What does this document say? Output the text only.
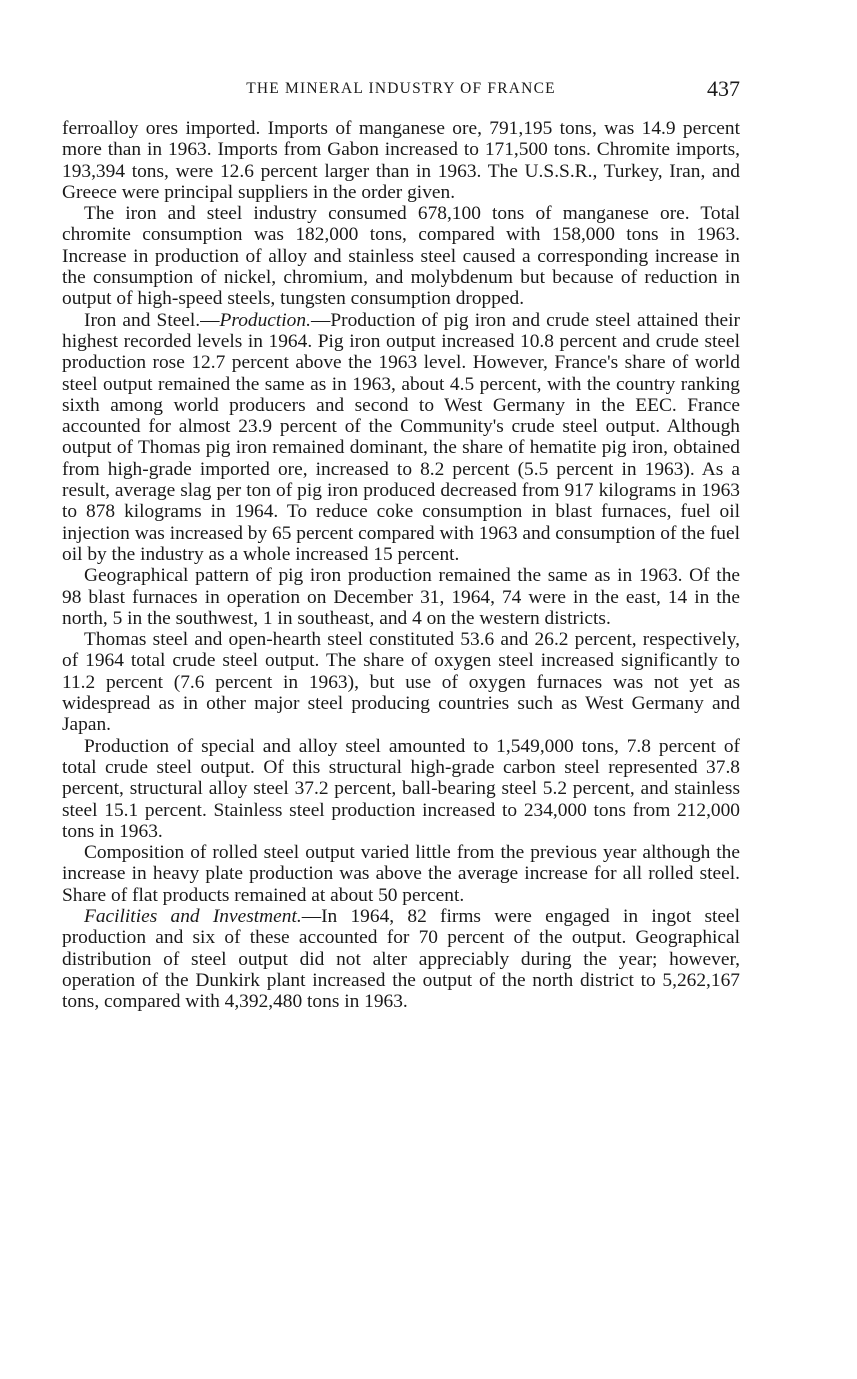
THE MINERAL INDUSTRY OF FRANCE	437

ferroalloy ores imported. Imports of manganese ore, 791,195 tons, was 14.9 percent more than in 1963. Imports from Gabon increased to 171,500 tons. Chromite imports, 193,394 tons, were 12.6 percent larger than in 1963. The U.S.S.R., Turkey, Iran, and Greece were principal suppliers in the order given.

The iron and steel industry consumed 678,100 tons of manganese ore. Total chromite consumption was 182,000 tons, compared with 158,000 tons in 1963. Increase in production of alloy and stainless steel caused a corresponding increase in the consumption of nickel, chromium, and molybdenum but because of reduction in output of high-speed steels, tungsten consumption dropped.

Iron and Steel.—Production.—Production of pig iron and crude steel attained their highest recorded levels in 1964. Pig iron output increased 10.8 percent and crude steel production rose 12.7 percent above the 1963 level. However, France's share of world steel output remained the same as in 1963, about 4.5 percent, with the country ranking sixth among world producers and second to West Germany in the EEC. France accounted for almost 23.9 percent of the Community's crude steel output. Although output of Thomas pig iron remained dominant, the share of hematite pig iron, obtained from high-grade imported ore, increased to 8.2 percent (5.5 percent in 1963). As a result, average slag per ton of pig iron produced decreased from 917 kilograms in 1963 to 878 kilograms in 1964. To reduce coke consumption in blast furnaces, fuel oil injection was increased by 65 percent compared with 1963 and consumption of the fuel oil by the industry as a whole increased 15 percent.

Geographical pattern of pig iron production remained the same as in 1963. Of the 98 blast furnaces in operation on December 31, 1964, 74 were in the east, 14 in the north, 5 in the southwest, 1 in southeast, and 4 on the western districts.

Thomas steel and open-hearth steel constituted 53.6 and 26.2 percent, respectively, of 1964 total crude steel output. The share of oxygen steel increased significantly to 11.2 percent (7.6 percent in 1963), but use of oxygen furnaces was not yet as widespread as in other major steel producing countries such as West Germany and Japan.

Production of special and alloy steel amounted to 1,549,000 tons, 7.8 percent of total crude steel output. Of this structural high-grade carbon steel represented 37.8 percent, structural alloy steel 37.2 percent, ball-bearing steel 5.2 percent, and stainless steel 15.1 percent. Stainless steel production increased to 234,000 tons from 212,000 tons in 1963.

Composition of rolled steel output varied little from the previous year although the increase in heavy plate production was above the average increase for all rolled steel. Share of flat products remained at about 50 percent.

Facilities and Investment.—In 1964, 82 firms were engaged in ingot steel production and six of these accounted for 70 percent of the output. Geographical distribution of steel output did not alter appreciably during the year; however, operation of the Dunkirk plant increased the output of the north district to 5,262,167 tons, compared with 4,392,480 tons in 1963.
